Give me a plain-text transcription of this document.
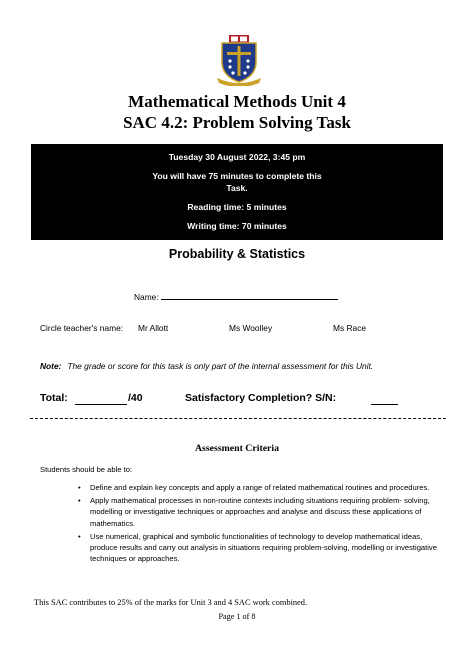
Mathematical Methods Unit 4
SAC 4.2: Problem Solving Task
Tuesday 30 August 2022, 3:45 pm
You will have 75 minutes to complete this
Task.
Reading time: 5 minutes
Writing time: 70 minutes
Probability & Statistics
Name:
Circle teacher's name: Mr Allott	Ms Woolley	Ms Race
Note: The grade or score for this task is only part of the internal assessment for this Unit.
Total:	/40	Satisfactory Completion? S/N:
Assessment Criteria
Students should be able to:
• Define and explain key concepts and apply a range of related mathematical routines and procedures.
• Apply mathematical processes in non-routine contexts including situations requiring problem- solving, modelling or investigative techniques or approaches and analyse and discuss these applications of mathematics.
• Use numerical, graphical and symbolic functionalities of technology to develop mathematical ideas, produce results and carry out analysis in situations requiring problem-solving, modelling or investigative techniques or approaches.
This SAC contributes to 25% of the marks for Unit 3 and 4 SAC work combined.
Page 1 of 8
